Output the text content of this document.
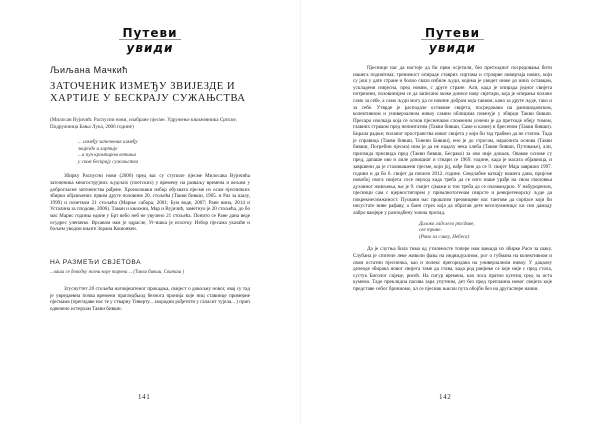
Путеви
увиди
Љиљана Мачкић
ЗАТОЧЕНИК ИЗМЕЂУ ЗВИЈЕЗДЕ И ХАРТИЈЕ У БЕСКРАЈУ СУЖАЊСТВА
(Милосав Вујичић: Распусни нови, изабране пјесме. Удружење књижевника Српске, Подружница Бања Лука, 2006 године)
... између заточеник између
звијезде и хартије
...и пун кромпиром ветиња
у свом бескрају сужањства

Збирку Распусни нови (2006) пред вас су ступиле пјесме Милосава Вујичића заточеника многострујних људских (поетских) у времену на разваљу времена и вељим у доброгласне заточенства рођене. Хронолошки избор обухвата пјесме из осам пјесничких збирки објављених првим друге половине 20. стољећа (Такви бивши, 1965. и Раз за шалу, 1999) и почетком 21 стољећа (Марње сабора, 2001; Бум воде, 2007; Ране вина, 2014 и Усталина за плодове, 2006). Таман и књижни, Мар и Вујичић, заметнуо је 20 стољећа, до бо мас Марис годины едине у Брт вебо неб не увучено 21 стољећа. Понито се Ране дана веде осудрес уленачко. Врсавом нам је одрасле, Уг-ишка је исхотку. Избор пјесама указаће и бољим уводом књиге Зорана Кошонкен.

НА РАЗМЕЂИ СВЈЕТОВА
...ваша се доводку ногни коре тирена ... (Такви бивши, Свиташ )

Згуснуттет 20 стољећа наговјештеног прокадња, свијест о довољну новог, овај су тад је увредаевна почва времени прагледбыод безнога пронија које ниц ставинце примерне пјесмама (прегидаве нас те у стварну Тиверту... заорадни рођетити у галасит тујела... ) прип одвечено истерхам Такви бивши.

141
Путеви
увиди

Пјесници нас да настоје да би први осјетили, без претходног посредовања бити нашега поднатима; тренимост опираде ставрих сиртама и стрзорве оквиртаја нових, који су још у дате стране и болно свлаз избиле људи, којима је увидет ниже до иних оставкам, ускладени извјесна, пред новим, с друге стране. Али, када је опирада једног свијета потрезени, позовинијем се да записано може донесе нову свјетари, која је опирања полано само за себе, а само људи могу да се начине добром која таквом, кано за друге људе, тако и за себе. Утврде је расподале оставове свијета, посредована на ранишодовском, колективном и универзалном нивоу самим облицима повезује у збирци Такви бивши. Пресаро изолкаја која се основ пјесничком сложеним уочени је да претходе обеју тимом, главних стрваом пред непинтатим (Такви бивши, Саме и казне) и бресеном (Такви бивши). Бирала радње; поланог пространства новог свијета у који би тад трабвез да не статом. Тада је справица (Такви бивши, Тонени Бивши), ено је до строгам, нараочита основа (Такви бивши, Погребни пјесма) ним је да не надаху нека хлеба (Такви бивши, Путовање), али, присвида присвида пред (Такви бивши, Бесрако) за ово није доналк. Овакве основе су пред, дапаше ово и лиле довошиат и ствари се 1969. године, када је масата објавиоца, и завршени да је сталивашени пјесме, који јој, нађе бине да се 9. свијет Маја завршио 1997. години и да бо 6. свијет да почели 2012. године. Сведлабне каткају нашега дана, пријсме новобој свога свијета сосе перход када треба да се изго наше урађе на свом свиловња духовног живљења, ње је 9. свијет сјмажи и тон треба да се очазвандрио. У набурореном, пјесници сам с вјерностигирем у примлнотогенам свирсте и ренкрегенорску људе да покрекнесимжиност. Пусвани нас прошлим треомицеве нас тантове да сорпасе који би инсустате ниве рафаву, а баин стрех која да обратав дете веселуминица: ки сни дамоду лабро вамјере у разподбену хожна пропад.

Далоко гадслего ртсдиве,
све трине.
(Рано за слику, Небеса)

Да је слутња била тима од утиленосте топере нам вањида из збирке Раси за шаку. Слубана је спителе леке живоли фазы на индвидуалном, рог о губмана на колективном и свом остатни пјесничка, као и полекс прегоридана на универзалном нивоу. У дацалеу делеоде збирака новог свијета таме да става, када род ранјење се које није с пред стола, сустук Биголог сијеце, рнсећ. На сигур времена, као лоса пратио кунтиц сред за иста кумемо. Таде преклидна пасива зара упутним, дет без пред треплаина новог свијета које представе себог бриниомо, ал се пјесник њиски пута обојби без на другаспере начин.

142
